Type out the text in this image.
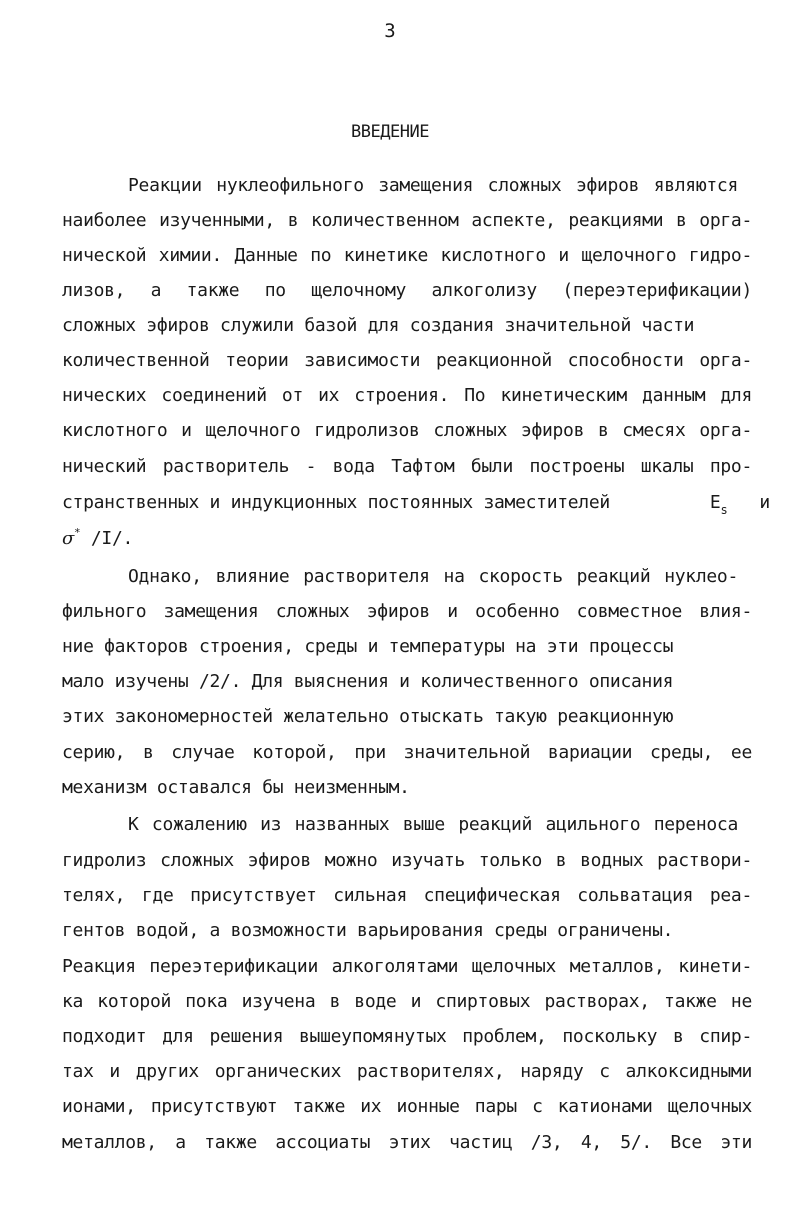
3
ВВЕДЕНИЕ
Реакции нуклеофильного замещения сложных эфиров являются
наиболее изученными, в количественном аспекте, реакциями в орга-
нической химии. Данные по кинетике кислотного и щелочного гидро-
лизов, а также по щелочному алкоголизу (переэтерификации)
сложных эфиров служили базой для создания значительной части
количественной теории зависимости реакционной способности орга-
нических соединений от их строения. По кинетическим данным для
кислотного и щелочного гидролизов сложных эфиров в смесях орга-
нический растворитель - вода Тафтом были построены шкалы про-
странственных и индукционных постоянных заместителей	$E_s$ и
σ* /I/.
Однако, влияние растворителя на скорость реакций нуклео-
фильного замещения сложных эфиров и особенно совместное влия-
ние факторов строения, среды и температуры на эти процессы
мало изучены /2/. Для выяснения и количественного описания
этих закономерностей желательно отыскать такую реакционную
серию, в случае которой, при значительной вариации среды, ее
механизм оставался бы неизменным.
К сожалению из названных выше реакций ацильного переноса
гидролиз сложных эфиров можно изучать только в водных раствори-
телях, где присутствует сильная специфическая сольватация реа-
гентов водой, а возможности варьирования среды ограничены.
Реакция переэтерификации алкоголятами щелочных металлов, кинети-
ка которой пока изучена в воде и спиртовых растворах, также не
подходит для решения вышеупомянутых проблем, поскольку в спир-
тах и других органических растворителях, наряду с алкоксидными
ионами, присутствуют также их ионные пары с катионами щелочных
металлов, а также ассоциаты этих частиц /3, 4, 5/. Все эти
